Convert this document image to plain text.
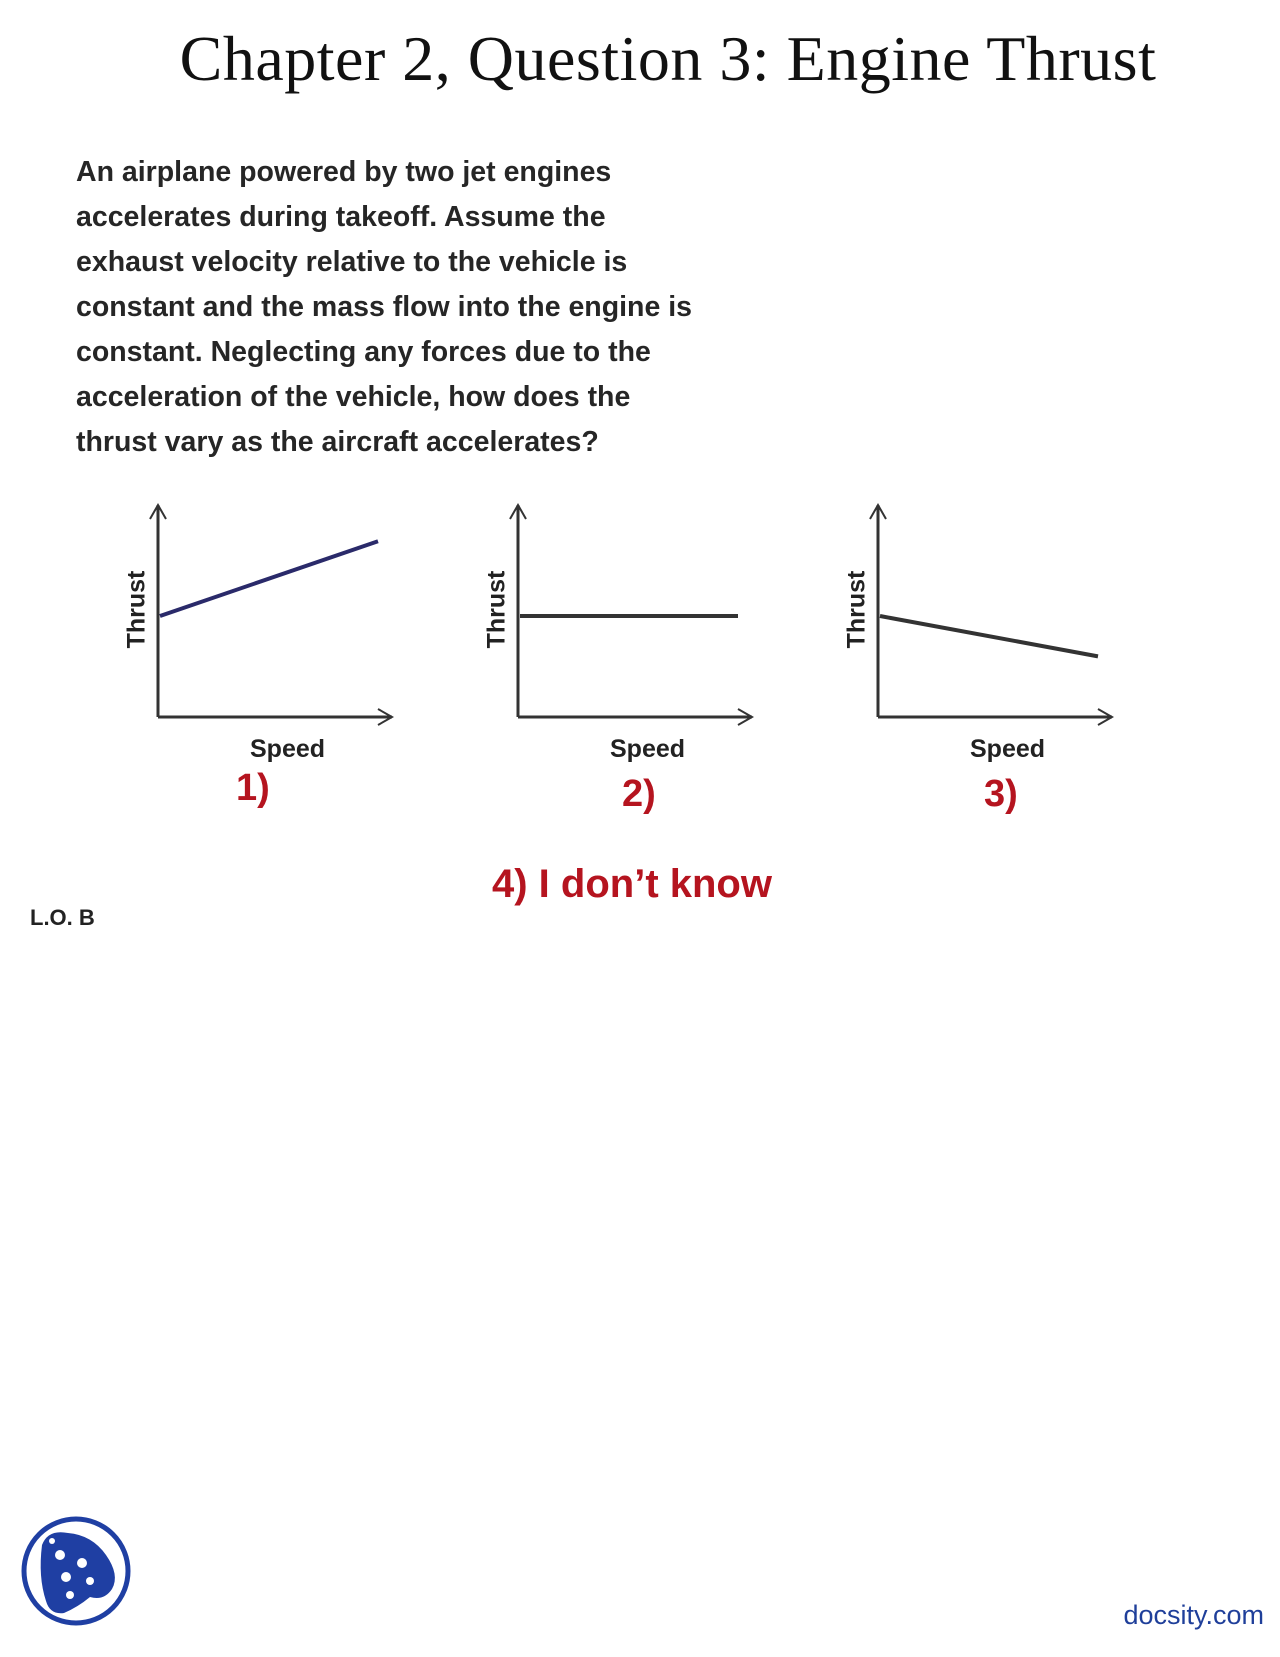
Chapter 2, Question 3: Engine Thrust
An airplane powered by two jet engines
accelerates during takeoff. Assume the
exhaust velocity relative to the vehicle is
constant and the mass flow into the engine is
constant. Neglecting any forces due to the
acceleration of the vehicle, how does the
thrust vary as the aircraft accelerates?
Thrust
Speed
1)
Thrust
Speed
2)
Thrust
Speed
3)
4) I don’t know
L.O. B
docsity.com
